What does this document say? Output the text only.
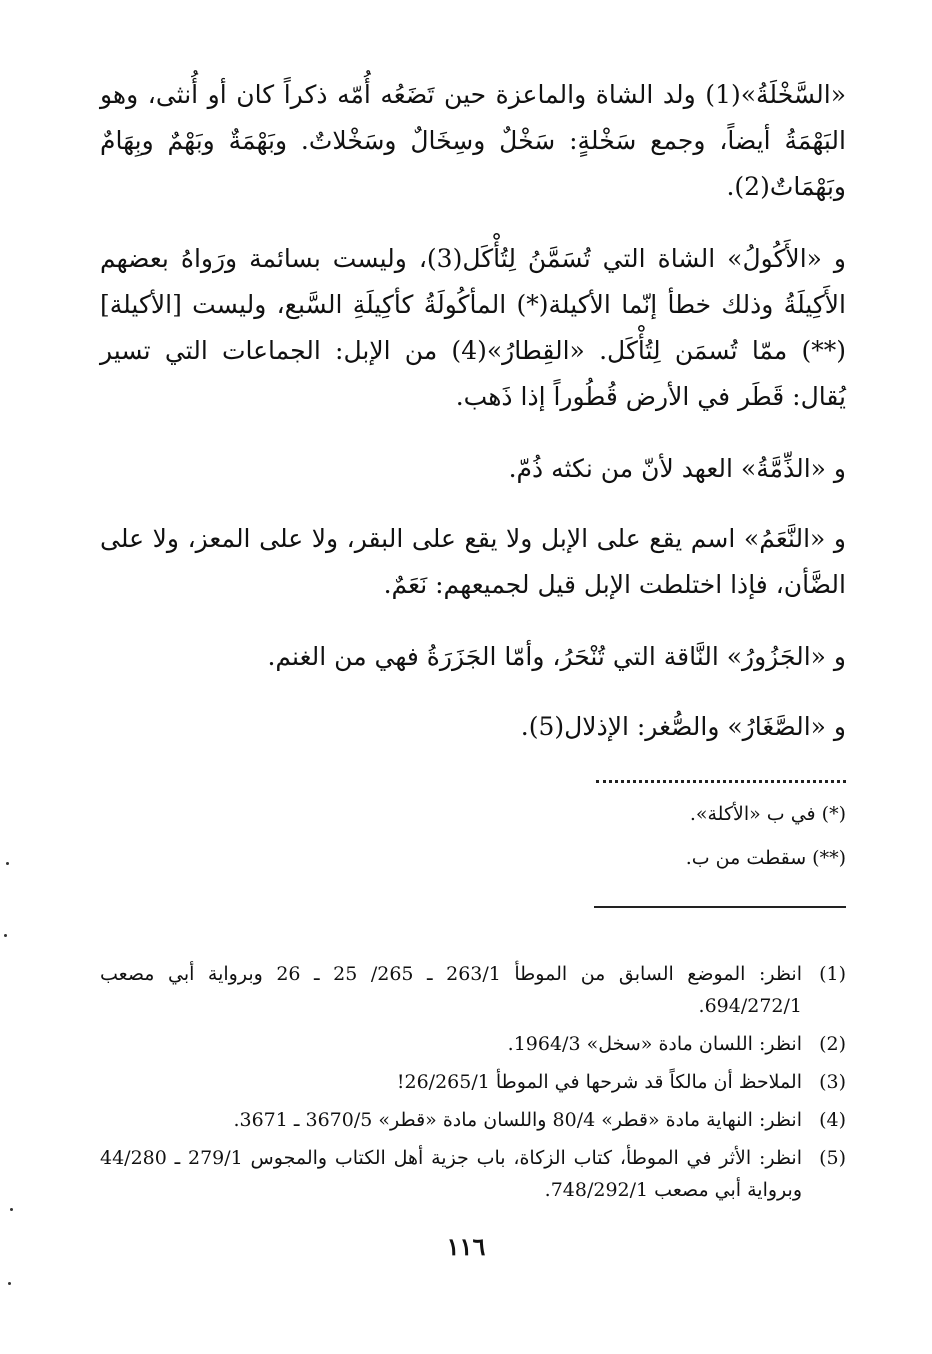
«السَّخْلَةُ»(1) ولد الشاة والماعزة حين تَضَعُه أُمّه ذكراً كان أو أُنثى، وهو البَهْمَةُ أيضاً، وجمع سَخْلةٍ: سَخْلٌ وسِخَالٌ وسَخْلاتٌ. وبَهْمَةٌ وبَهْمٌ وبِهَامٌ وبَهْمَاتٌ(2).

و «الأَكُولُ» الشاة التي تُسَمَّنُ لِتُأْكَل(3)، وليست بسائمة ورَواهُ بعضهم الأَكِيلَةُ وذلك خطأ إنّما الأكيلة(*) المأكُولَةُ كأكِيلَةِ السَّبع، وليست [الأكيلة](**) ممّا تُسمَن لِتُأْكَل. «القِطارُ»(4) من الإبل: الجماعات التي تسير يُقال: قَطَر في الأرض قُطُوراً إذا ذَهب.

و «الذِّمَّةُ» العهد لأنّ من نكثه ذُمّ.

و «النَّعَمُ» اسم يقع على الإبل ولا يقع على البقر، ولا على المعز، ولا على الضَّأن، فإذا اختلطت الإبل قيل لجميعهم: نَعَمٌ.

و «الجَزُورُ» النَّاقة التي تُنْحَرُ، وأمّا الجَزَرَةُ فهي من الغنم.

و «الصَّغَارُ» والصُّغر: الإذلال(5).

(*) في ب «الأكلة».
(**) سقطت من ب.
(1)
انظر: الموضع السابق من الموطأ 263/1 ـ 265/ 25 ـ 26 وبرواية أبي مصعب 694/272/1.
(2)
انظر: اللسان مادة «سخل» 1964/3.
(3)
الملاحظ أن مالكاً قد شرحها في الموطأ 26/265/1!
(4)
انظر: النهاية مادة «قطر» 80/4 واللسان مادة «قطر» 3670/5 ـ 3671.
(5)
انظر: الأثر في الموطأ، كتاب الزكاة، باب جزية أهل الكتاب والمجوس 279/1 ـ 44/280 وبرواية أبي مصعب 748/292/1.
١١٦
